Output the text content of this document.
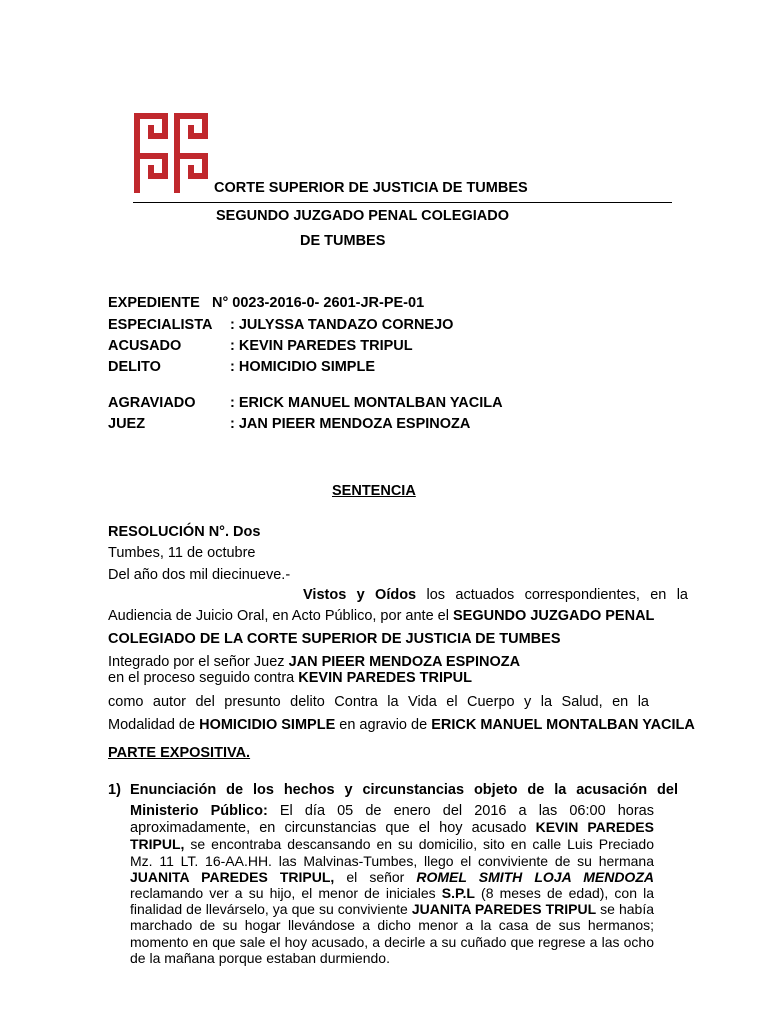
CORTE SUPERIOR DE JUSTICIA DE TUMBES
SEGUNDO JUZGADO PENAL COLEGIADO
DE TUMBES
EXPEDIENTE N° 0023-2016-0- 2601-JR-PE-01
ESPECIALISTA : JULYSSA TANDAZO CORNEJO
ACUSADO	: KEVIN PAREDES TRIPUL
DELITO	: HOMICIDIO SIMPLE
AGRAVIADO : ERICK MANUEL MONTALBAN YACILA
JUEZ	: JAN PIEER MENDOZA ESPINOZA
SENTENCIA
RESOLUCIÓN N°. Dos
Tumbes, 11 de octubre
Del año dos mil diecinueve.-
Vistos y Oídos los actuados correspondientes, en la
Audiencia de Juicio Oral, en Acto Público, por ante el SEGUNDO JUZGADO PENAL
COLEGIADO DE LA CORTE SUPERIOR DE JUSTICIA DE TUMBES
Integrado por el señor Juez JAN PIEER MENDOZA ESPINOZA
en el proceso seguido contra KEVIN PAREDES TRIPUL
como autor del presunto delito Contra la Vida el Cuerpo y la Salud, en la
Modalidad de HOMICIDIO SIMPLE en agravio de ERICK MANUEL MONTALBAN YACILA
PARTE EXPOSITIVA.
1) Enunciación de los hechos y circunstancias objeto de la acusación del
Ministerio Público: El día 05 de enero del 2016 a las 06:00 horas aproximadamente, en circunstancias que el hoy acusado KEVIN PAREDES TRIPUL, se encontraba descansando en su domicilio, sito en calle Luis Preciado Mz. 11 LT. 16-AA.HH. las Malvinas-Tumbes, llego el conviviente de su hermana JUANITA PAREDES TRIPUL, el señor ROMEL SMITH LOJA MENDOZA reclamando ver a su hijo, el menor de iniciales S.P.L (8 meses de edad), con la finalidad de llevárselo, ya que su conviviente JUANITA PAREDES TRIPUL se había marchado de su hogar llevándose a dicho menor a la casa de sus hermanos; momento en que sale el hoy acusado, a decirle a su cuñado que regrese a las ocho de la mañana porque estaban durmiendo.
